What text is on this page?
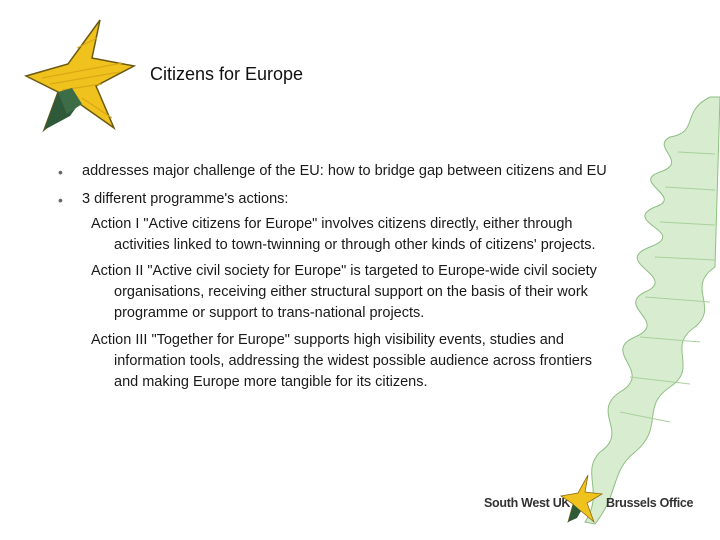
Citizens for Europe
• addresses major challenge of the EU: how to bridge gap between citizens and EU
• 3 different programme's actions:
Action I "Active citizens for Europe" involves citizens directly, either through
activities linked to town-twinning or through other kinds of citizens' projects.
Action II "Active civil society for Europe" is targeted to Europe-wide civil society
organisations, receiving either structural support on the basis of their work
programme or support to trans-national projects.
Action III "Together for Europe" supports high visibility events, studies and
information tools, addressing the widest possible audience across frontiers
and making Europe more tangible for its citizens.
South West UK	Brussels Office
